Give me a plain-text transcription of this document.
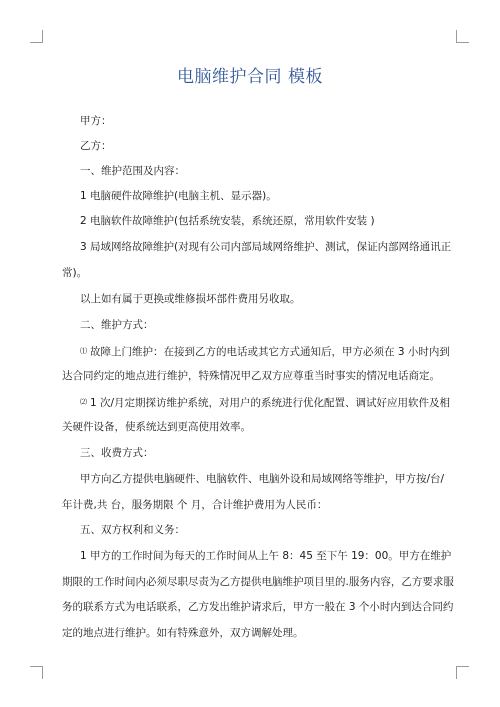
电脑维护合同 模板
甲方：
乙方：
一、维护范围及内容：
1 电脑硬件故障维护(电脑主机、显示器)。
2 电脑软件故障维护(包括系统安装，系统还原，常用软件安装 )
3 局域网络故障维护(对现有公司内部局域网络维护、测试，保证内部网络通讯正
常)。
以上如有属于更换或维修损坏部件费用另收取。
二、维护方式：
⑴ 故障上门维护：在接到乙方的电话或其它方式通知后，甲方必须在 3 小时内到
达合同约定的地点进行维护，特殊情况甲乙双方应尊重当时事实的情况电话商定。
⑵ 1 次/月定期探访维护系统，对用户的系统进行优化配置、调试好应用软件及相
关硬件设备，使系统达到更高使用效率。
三、收费方式：
甲方向乙方提供电脑硬件、电脑软件、电脑外设和局域网络等维护，甲方按/台/
年计费,共 台，服务期限 个 月，合计维护费用为人民币：
五、双方权利和义务：
1 甲方的工作时间为每天的工作时间从上午 8：45 至下午 19：00。甲方在维护
期限的工作时间内必须尽职尽责为乙方提供电脑维护项目里的.服务内容，乙方要求服
务的联系方式为电话联系，乙方发出维护请求后，甲方一般在 3 个小时内到达合同约
定的地点进行维护。如有特殊意外，双方调解处理。
